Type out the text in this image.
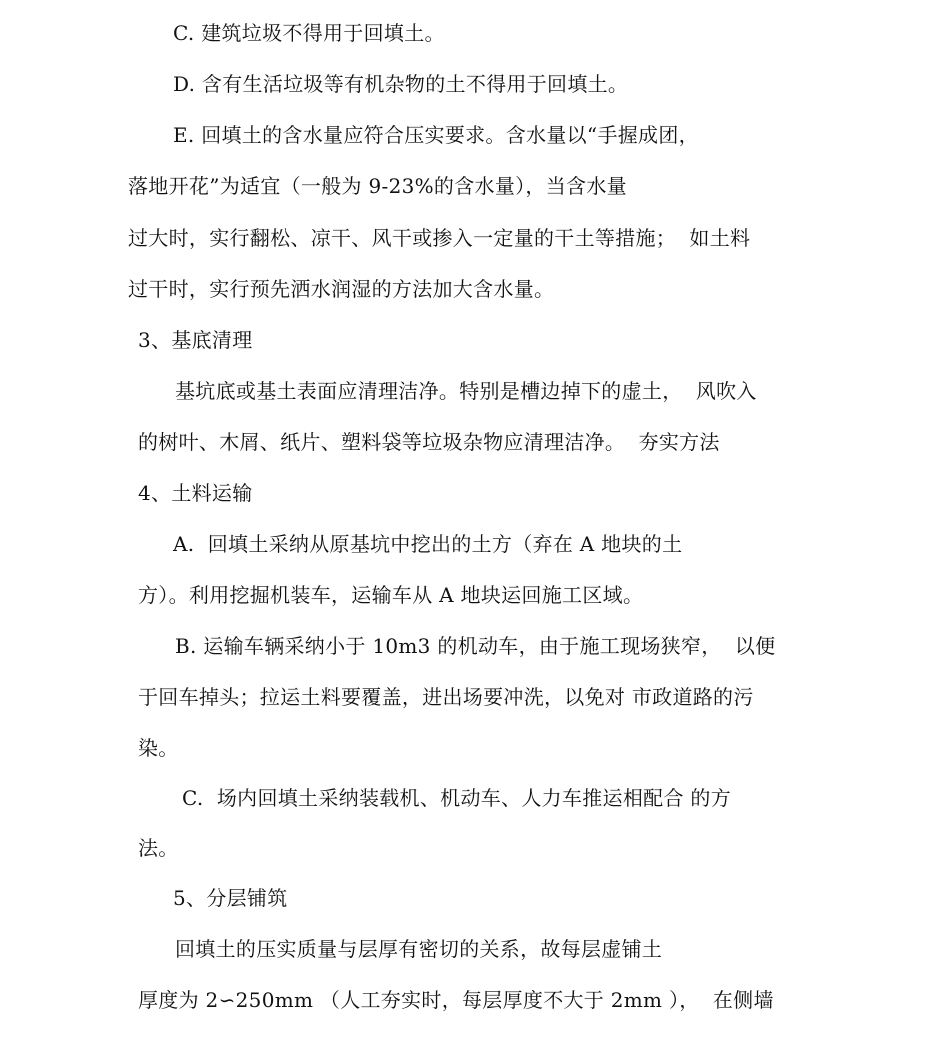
C. 建筑垃圾不得用于回填土。
D. 含有生活垃圾等有机杂物的土不得用于回填土。
E. 回填土的含水量应符合压实要求。含水量以“手握成团，
落地开花”为适宜（一般为 9-23%的含水量），当含水量
过大时，实行翻松、凉干、风干或掺入一定量的干土等措施；  如土料
过干时，实行预先洒水润湿的方法加大含水量。
3、基底清理
基坑底或基土表面应清理洁净。特别是槽边掉下的虚土，  风吹入
的树叶、木屑、纸片、塑料袋等垃圾杂物应清理洁净。  夯实方法
4、土料运输
A.  回填土采纳从原基坑中挖出的土方（弃在 A 地块的土
方）。利用挖掘机装车，运输车从 A 地块运回施工区域。
B. 运输车辆采纳小于 10m3 的机动车，由于施工现场狭窄，  以便
于回车掉头；拉运土料要覆盖，进出场要冲洗，以免对 市政道路的污
染。
C.  场内回填土采纳装载机、机动车、人力车推运相配合 的方
法。
5、分层铺筑
回填土的压实质量与层厚有密切的关系，故每层虚铺土
厚度为 2∽250mm （人工夯实时，每层厚度不大于 2mm ），  在侧墙
